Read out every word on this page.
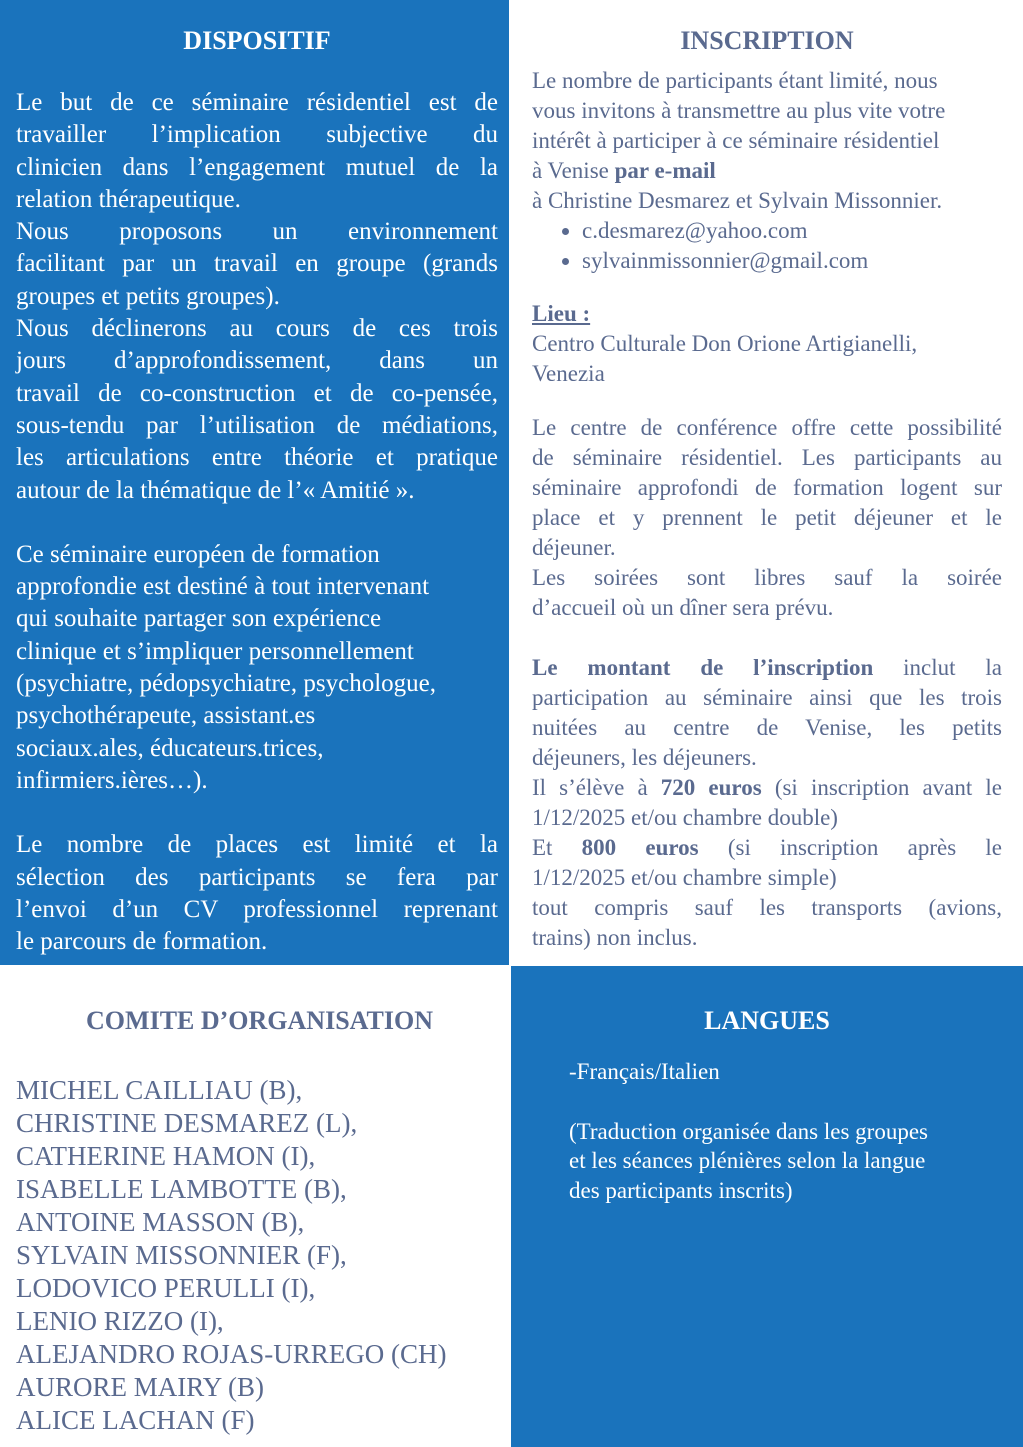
DISPOSITIF

Le but de ce séminaire résidentiel est de

travailler l’implication subjective du

clinicien dans l’engagement mutuel de la

relation thérapeutique.

Nous proposons un environnement

facilitant par un travail en groupe (grands

groupes et petits groupes).

Nous déclinerons au cours de ces trois

jours d’approfondissement, dans un

travail de co-construction et de co-pensée,

sous-tendu par l’utilisation de médiations,

les articulations entre théorie et pratique

autour de la thématique de l’« Amitié ».

Ce séminaire européen de formation

approfondie est destiné à tout intervenant

qui souhaite partager son expérience

clinique et s’impliquer personnellement

(psychiatre, pédopsychiatre, psychologue,

psychothérapeute, assistant.es

sociaux.ales, éducateurs.trices,

infirmiers.ières…).

Le nombre de places est limité et la

sélection des participants se fera par

l’envoi d’un CV professionnel reprenant

le parcours de formation.

INSCRIPTION

Le nombre de participants étant limité, nous

vous invitons à transmettre au plus vite votre

intérêt à participer à ce séminaire résidentiel

à Venise par e-mail

à Christine Desmarez et Sylvain Missonnier.

• c.desmarez@yahoo.com
• sylvainmissonnier@gmail.com

Lieu :

Centro Culturale Don Orione Artigianelli,

Venezia

Le centre de conférence offre cette possibilité

de séminaire résidentiel. Les participants au

séminaire approfondi de formation logent sur

place et y prennent le petit déjeuner et le

déjeuner.

Les soirées sont libres sauf la soirée

d’accueil où un dîner sera prévu.

Le montant de l’inscription inclut la

participation au séminaire ainsi que les trois

nuitées au centre de Venise, les petits

déjeuners, les déjeuners.

Il s’élève à 720 euros (si inscription avant le

1/12/2025 et/ou chambre double)

Et 800 euros (si inscription après le

1/12/2025 et/ou chambre simple)

tout compris sauf les transports (avions,

trains) non inclus.

COMITE D’ORGANISATION

MICHEL CAILLIAU (B),

CHRISTINE DESMAREZ (L),

CATHERINE HAMON (I),

ISABELLE LAMBOTTE (B),

ANTOINE MASSON (B),

SYLVAIN MISSONNIER (F),

LODOVICO PERULLI (I),

LENIO RIZZO (I),

ALEJANDRO ROJAS-URREGO (CH)

AURORE MAIRY (B)

ALICE LACHAN (F)

LANGUES

-Français/Italien

(Traduction organisée dans les groupes

et les séances plénières selon la langue

des participants inscrits)
